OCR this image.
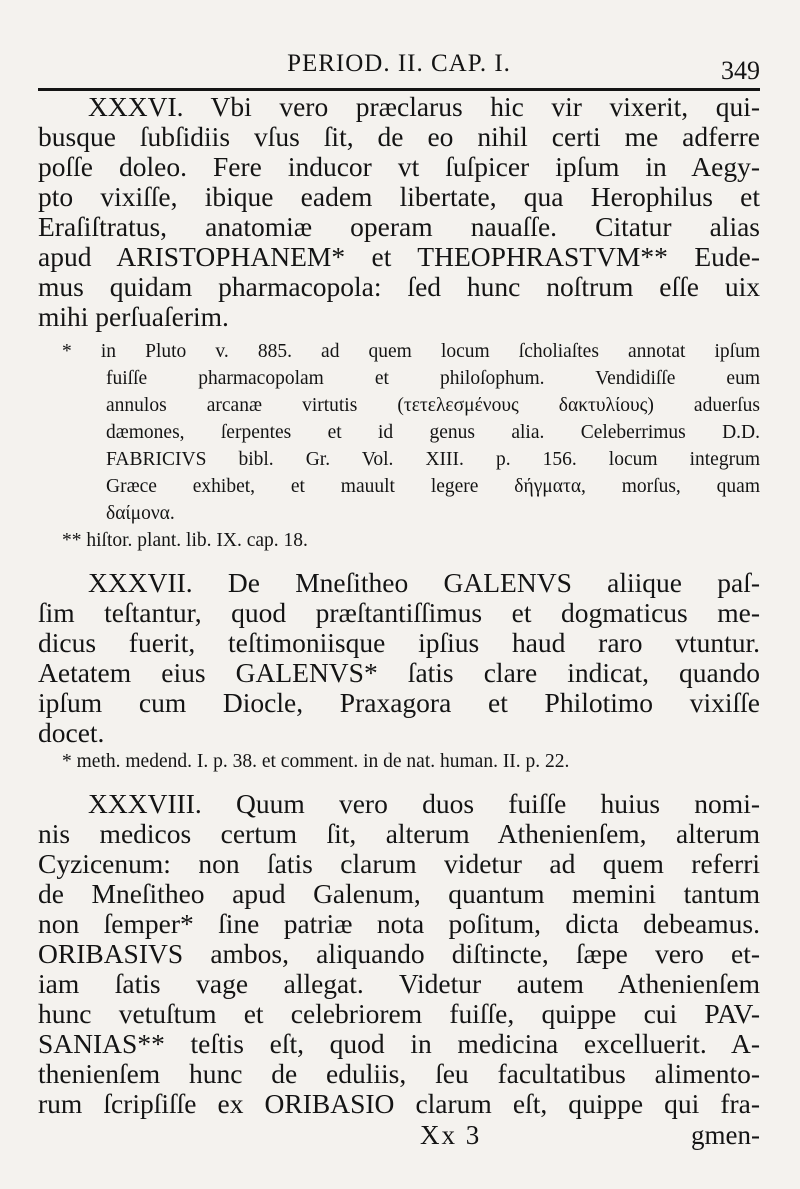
PERIOD. II. CAP. I.	349
XXXVI. Vbi vero præclarus hic vir vixerit, qui-
busque ſubſidiis vſus ſit, de eo nihil certi me adferre
poſſe doleo. Fere inducor vt ſuſpicer ipſum in Aegy-
pto vixiſſe, ibique eadem libertate, qua Herophilus et
Eraſiſtratus, anatomiæ operam nauaſſe. Citatur alias
apud ARISTOPHANEM* et THEOPHRASTVM** Eude-
mus quidam pharmacopola: ſed hunc noſtrum eſſe uix
mihi perſuaſerim.
* in Pluto v. 885. ad quem locum ſcholiaſtes annotat ipſum
fuiſſe pharmacopolam et philoſophum. Vendidiſſe eum
annulos arcanæ virtutis (τετελεσμένους δακτυλίους) aduerſus
dæmones, ſerpentes et id genus alia. Celeberrimus D.D.
FABRICIVS bibl. Gr. Vol. XIII. p. 156. locum integrum
Græce exhibet, et mauult legere δήγματα, morſus, quam
δαίμονα.
** hiſtor. plant. lib. IX. cap. 18.
XXXVII. De Mneſitheo GALENVS aliique paſ-
ſim teſtantur, quod præſtantiſſimus et dogmaticus me-
dicus fuerit, teſtimoniisque ipſius haud raro vtuntur.
Aetatem eius GALENVS* ſatis clare indicat, quando
ipſum cum Diocle, Praxagora et Philotimo vixiſſe
docet.
* meth. medend. I. p. 38. et comment. in de nat. human. II. p. 22.
XXXVIII. Quum vero duos fuiſſe huius nomi-
nis medicos certum ſit, alterum Athenienſem, alterum
Cyzicenum: non ſatis clarum videtur ad quem referri
de Mneſitheo apud Galenum, quantum memini tantum
non ſemper* ſine patriæ nota poſitum, dicta debeamus.
ORIBASIVS ambos, aliquando diſtincte, ſæpe vero et-
iam ſatis vage allegat. Videtur autem Athenienſem
hunc vetuſtum et celebriorem fuiſſe, quippe cui PAV-
SANIAS** teſtis eſt, quod in medicina excelluerit. A-
thenienſem hunc de eduliis, ſeu facultatibus alimento-
rum ſcripſiſſe ex ORIBASIO clarum eſt, quippe qui fra-
Xx 3	gmen-
